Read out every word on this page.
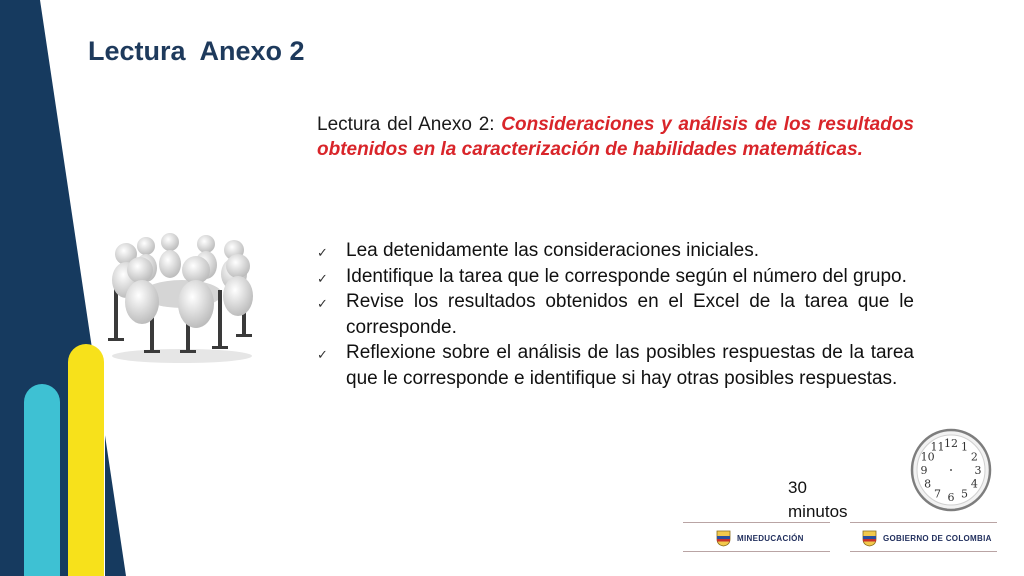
Lectura  Anexo 2

Lectura del Anexo 2: Consideraciones y análisis de los resultados obtenidos en la caracterización de habilidades matemáticas.

✓ Lea detenidamente las consideraciones iniciales.
✓ Identifique la tarea que le corresponde según el número del grupo.
✓ Revise los resultados obtenidos en el Excel de la tarea que le corresponde.
✓ Reflexione sobre el análisis de las posibles respuestas de la tarea que le corresponde e identifique si hay otras posibles respuestas.
12 1
2
3
4
5
6
7
8
9
10
11
30
minutos
MINEDUCACIÓN	GOBIERNO DE COLOMBIA
